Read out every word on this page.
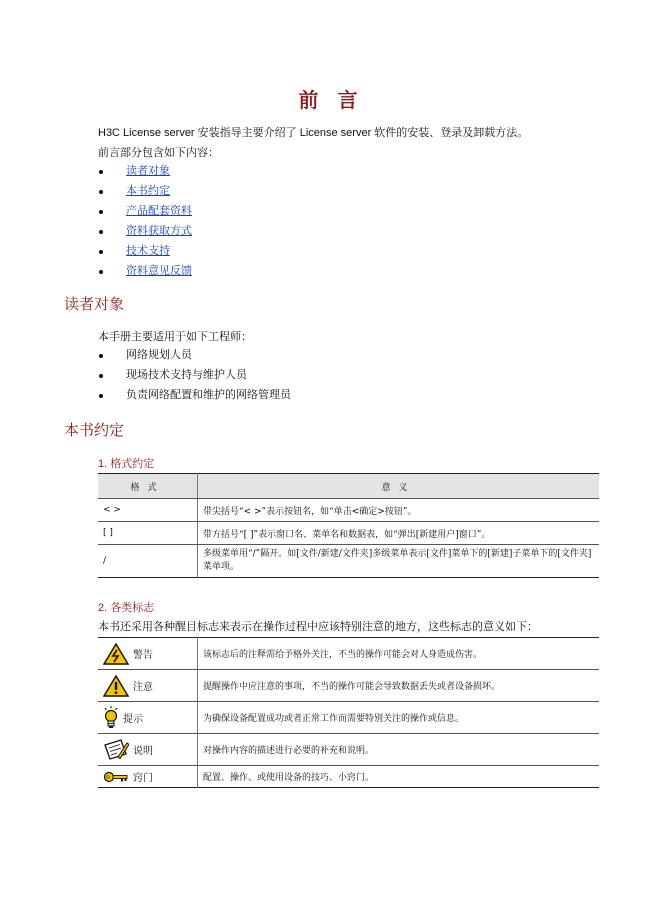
前 言
H3C License server 安装指导主要介绍了 License server 软件的安装、登录及卸载方法。
前言部分包含如下内容：
读者对象
本书约定
产品配套资料
资料获取方式
技术支持
资料意见反馈
读者对象
本手册主要适用于如下工程师：
网络规划人员
现场技术支持与维护人员
负责网络配置和维护的网络管理员
本书约定
1. 格式约定
格式	意义
< >	带尖括号“< >”表示按钮名，如“单击<确定>按钮”。
[ ]	带方括号“[ ]”表示窗口名、菜单名和数据表，如“弹出[新建用户]窗口”。
/	多级菜单用“/”隔开。如[文件/新建/文件夹]多级菜单表示[文件]菜单下的[新建]子菜单下的[文件夹]菜单项。
2. 各类标志
本书还采用各种醒目标志来表示在操作过程中应该特别注意的地方，这些标志的意义如下：
警告	该标志后的注释需给予格外关注，不当的操作可能会对人身造成伤害。

注意	提醒操作中应注意的事项，不当的操作可能会导致数据丢失或者设备损坏。

提示	为确保设备配置成功或者正常工作而需要特别关注的操作或信息。

说明	对操作内容的描述进行必要的补充和说明。

窍门	配置、操作、或使用设备的技巧、小窍门。
